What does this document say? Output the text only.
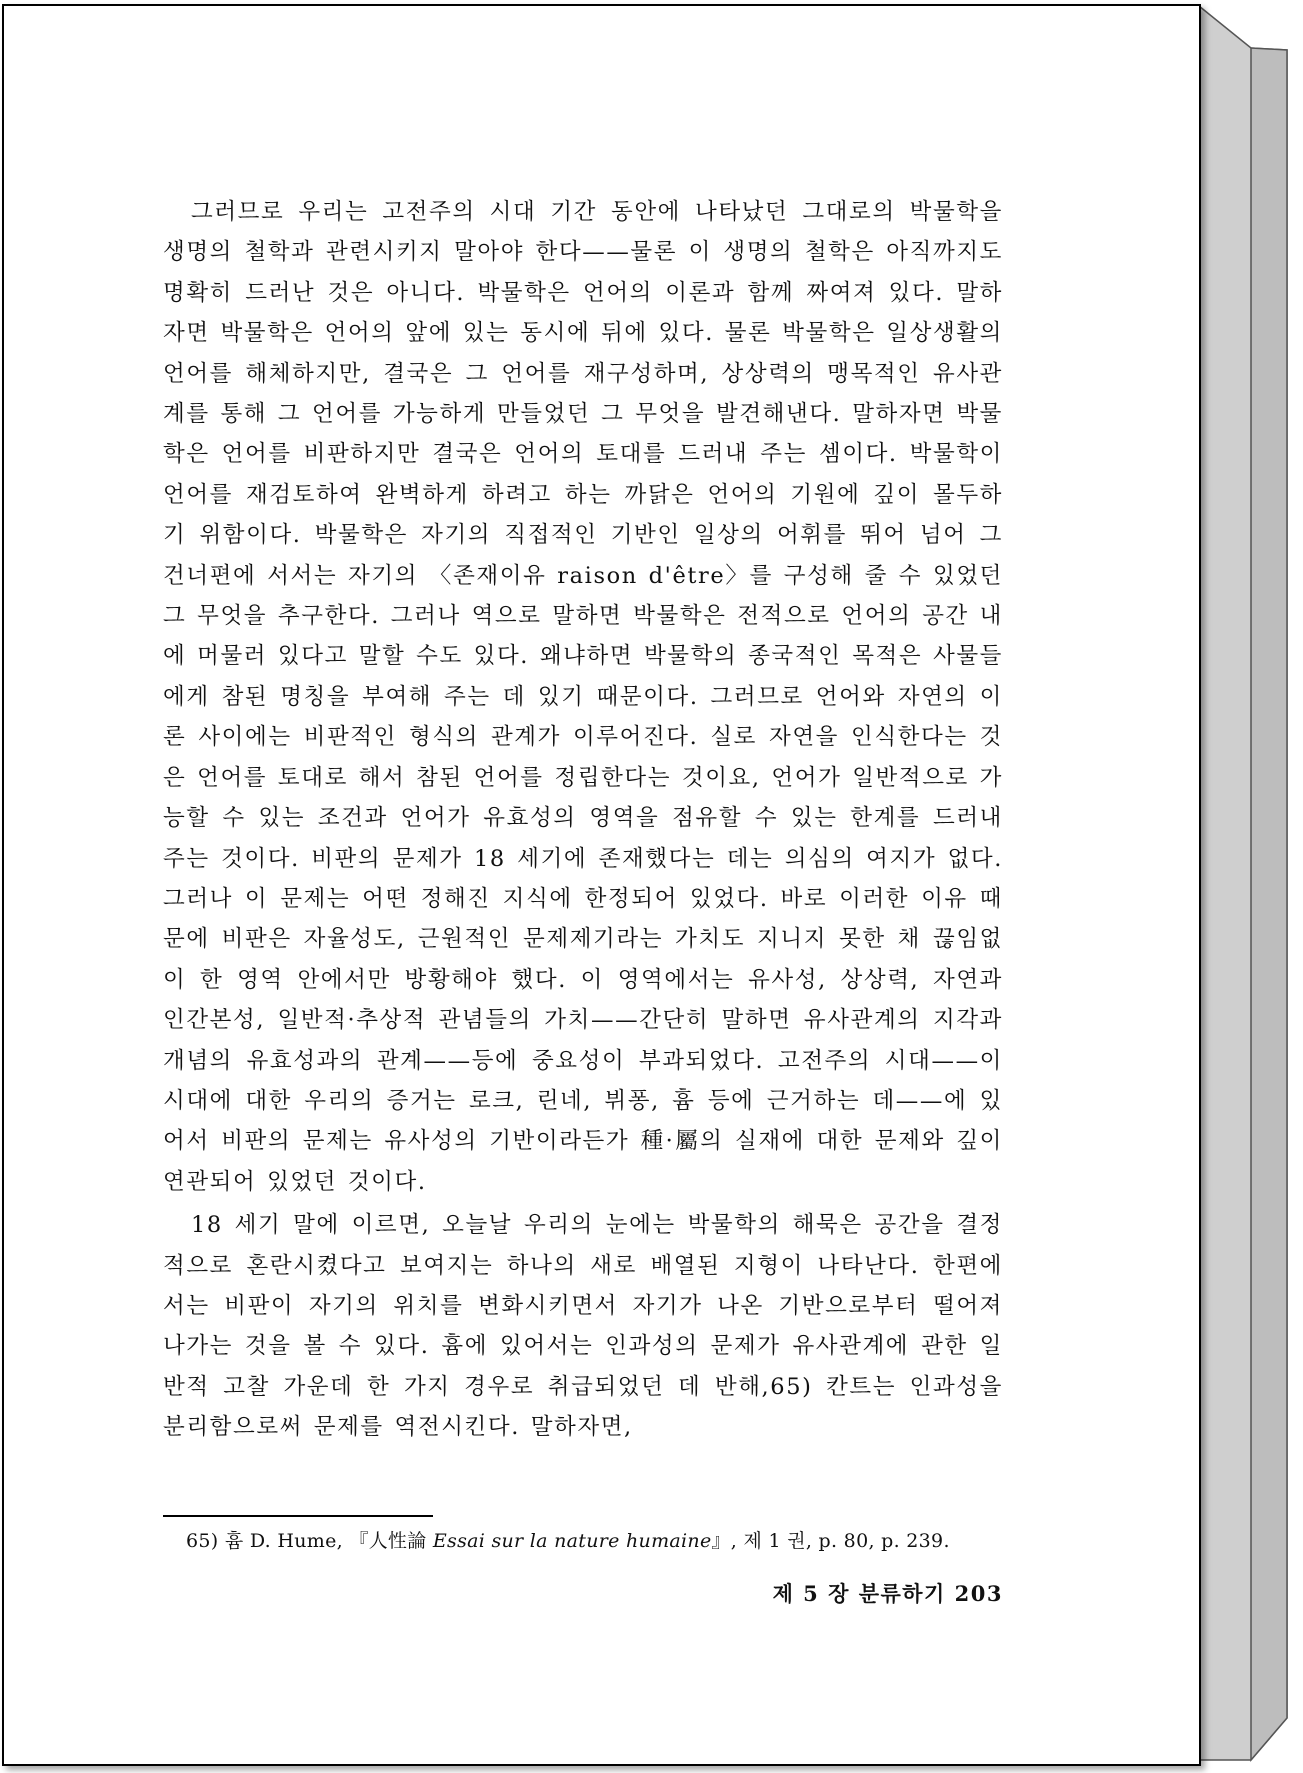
그러므로 우리는 고전주의 시대 기간 동안에 나타났던 그대로의 박물학을 생명의 철학과 관련시키지 말아야 한다——물론 이 생명의 철학은 아직까지도 명확히 드러난 것은 아니다. 박물학은 언어의 이론과 함께 짜여져 있다. 말하자면 박물학은 언어의 앞에 있는 동시에 뒤에 있다. 물론 박물학은 일상생활의 언어를 해체하지만, 결국은 그 언어를 재구성하며, 상상력의 맹목적인 유사관계를 통해 그 언어를 가능하게 만들었던 그 무엇을 발견해낸다. 말하자면 박물학은 언어를 비판하지만 결국은 언어의 토대를 드러내 주는 셈이다. 박물학이 언어를 재검토하여 완벽하게 하려고 하는 까닭은 언어의 기원에 깊이 몰두하기 위함이다. 박물학은 자기의 직접적인 기반인 일상의 어휘를 뛰어 넘어 그 건너편에 서서는 자기의 〈존재이유 raison d'être〉를 구성해 줄 수 있었던 그 무엇을 추구한다. 그러나 역으로 말하면 박물학은 전적으로 언어의 공간 내에 머물러 있다고 말할 수도 있다. 왜냐하면 박물학의 종국적인 목적은 사물들에게 참된 명칭을 부여해 주는 데 있기 때문이다. 그러므로 언어와 자연의 이론 사이에는 비판적인 형식의 관계가 이루어진다. 실로 자연을 인식한다는 것은 언어를 토대로 해서 참된 언어를 정립한다는 것이요, 언어가 일반적으로 가능할 수 있는 조건과 언어가 유효성의 영역을 점유할 수 있는 한계를 드러내 주는 것이다. 비판의 문제가 18 세기에 존재했다는 데는 의심의 여지가 없다. 그러나 이 문제는 어떤 정해진 지식에 한정되어 있었다. 바로 이러한 이유 때문에 비판은 자율성도, 근원적인 문제제기라는 가치도 지니지 못한 채 끊임없이 한 영역 안에서만 방황해야 했다. 이 영역에서는 유사성, 상상력, 자연과 인간본성, 일반적·추상적 관념들의 가치——간단히 말하면 유사관계의 지각과 개념의 유효성과의 관계——등에 중요성이 부과되었다. 고전주의 시대——이 시대에 대한 우리의 증거는 로크, 린네, 뷔퐁, 흄 등에 근거하는 데——에 있어서 비판의 문제는 유사성의 기반이라든가 種·屬의 실재에 대한 문제와 깊이 연관되어 있었던 것이다.

18 세기 말에 이르면, 오늘날 우리의 눈에는 박물학의 해묵은 공간을 결정적으로 혼란시켰다고 보여지는 하나의 새로 배열된 지형이 나타난다. 한편에서는 비판이 자기의 위치를 변화시키면서 자기가 나온 기반으로부터 떨어져 나가는 것을 볼 수 있다. 흄에 있어서는 인과성의 문제가 유사관계에 관한 일반적 고찰 가운데 한 가지 경우로 취급되었던 데 반해,65) 칸트는 인과성을 분리함으로써 문제를 역전시킨다. 말하자면,

65) 흄 D. Hume, 『人性論 Essai sur la nature humaine』, 제 1 권, p. 80, p. 239.
제 5 장 분류하기 203
